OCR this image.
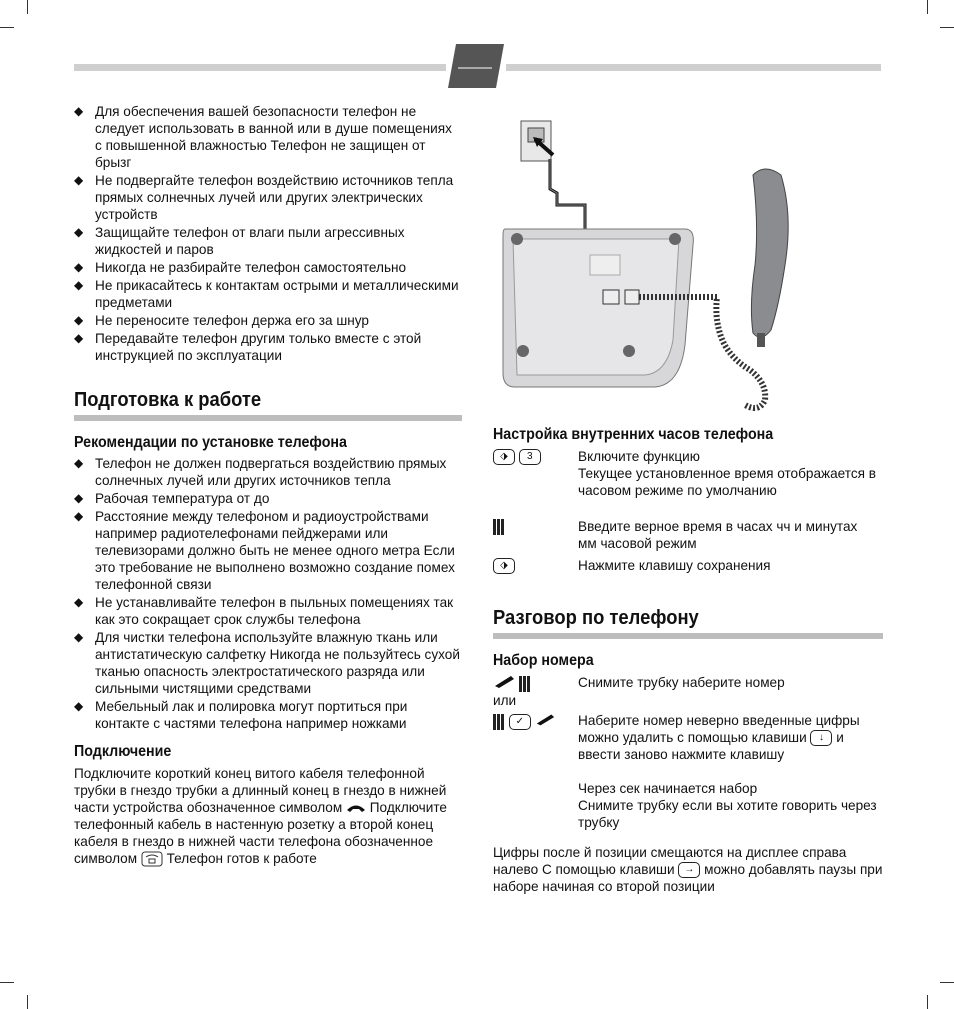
◆ Для обеспечения вашей безопасности телефон не следует использовать в ванной или в душе помещениях с повышенной влажностью Телефон не защищен от брызг
◆ Не подвергайте телефон воздействию источников тепла прямых солнечных лучей или других электрических устройств
◆ Защищайте телефон от влаги пыли агрессивных жидкостей и паров
◆ Никогда не разбирайте телефон самостоятельно
◆ Не прикасайтесь к контактам острыми и металлическими предметами
◆ Не переносите телефон держа его за шнур
◆ Передавайте телефон другим только вместе с этой инструкцией по эксплуатации
Подготовка к работе
Рекомендации по установке телефона
◆ Телефон не должен подвергаться воздействию прямых солнечных лучей или других источников тепла
◆ Рабочая температура от до
◆ Расстояние между телефоном и радиоустройствами например радиотелефонами пейджерами или телевизорами должно быть не менее одного метра Если это требование не выполнено возможно создание помех телефонной связи
◆ Не устанавливайте телефон в пыльных помещениях так как это сокращает срок службы телефона
◆ Для чистки телефона используйте влажную ткань или антистатическую салфетку Никогда не пользуйтесь сухой тканью опасность электростатического разряда или сильными чистящими средствами
◆ Мебельный лак и полировка могут портиться при контакте с частями телефона например ножками
Подключение

Подключите короткий конец витого кабеля телефонной трубки в гнездо трубки а длинный конец в гнездо в нижней части устройства обозначенное символом Подключите телефонный кабель в настенную розетку а второй конец кабеля в гнездо в нижней части телефона обозначенное символом Телефон готов к работе

Настройка внутренних часов телефона
⬗ 3	Включите функцию
Текущее установленное время отображается в часовом режиме по умолчанию
Введите верное время в часах чч и минутах мм часовой режим
⬗	Нажмите клавишу сохранения
Разговор по телефону
Набор номера

Снимите трубку наберите номер
или
✓	Наберите номер неверно введенные цифры можно удалить с помощью клавиши ↓ и ввести заново нажмите клавишу
Через сек начинается набор
Снимите трубку если вы хотите говорить через трубку

Цифры после й позиции смещаются на дисплее справа налево С помощью клавиши → можно добавлять паузы при наборе начиная со второй позиции
